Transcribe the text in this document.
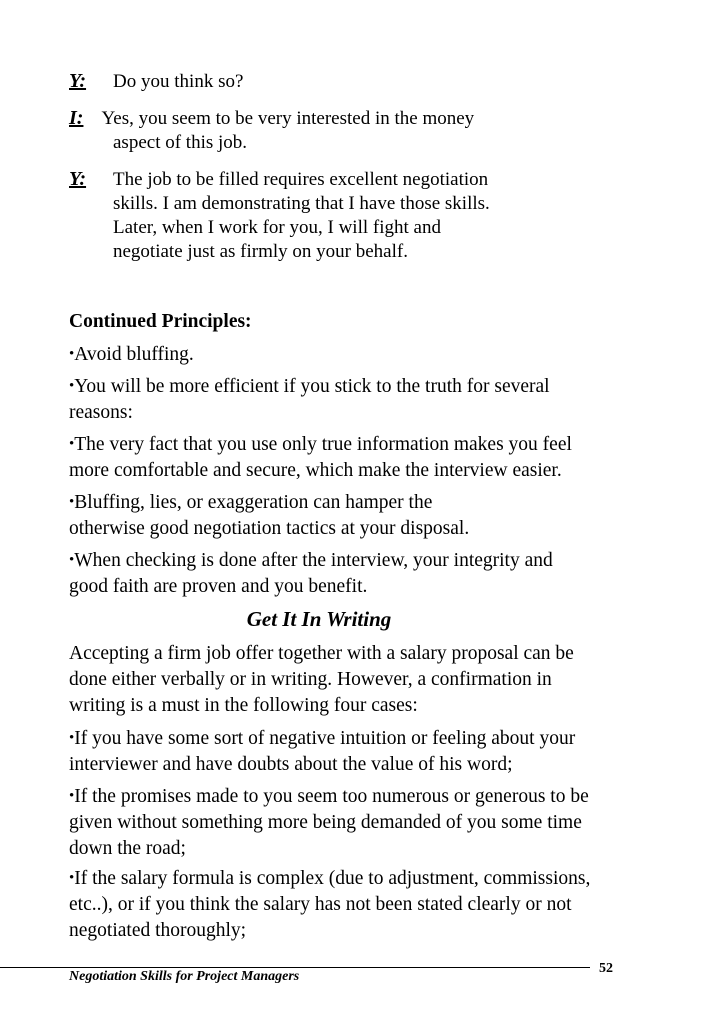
Y: Do you think so?
I: Yes, you seem to be very interested in the money
aspect of this job.
Y: The job to be filled requires excellent negotiation
skills. I am demonstrating that I have those skills.
Later, when I work for you, I will fight and
negotiate just as firmly on your behalf.
Continued Principles:
•Avoid bluffing.
•You will be more efficient if you stick to the truth for several
reasons:
•The very fact that you use only true information makes you feel
more comfortable and secure, which make the interview easier.
•Bluffing, lies, or exaggeration can hamper the
otherwise good negotiation tactics at your disposal.
•When checking is done after the interview, your integrity and
good faith are proven and you benefit.
Get It In Writing
Accepting a firm job offer together with a salary proposal can be
done either verbally or in writing. However, a confirmation in
writing is a must in the following four cases:
•If you have some sort of negative intuition or feeling about your
interviewer and have doubts about the value of his word;
•If the promises made to you seem too numerous or generous to be
given without something more being demanded of you some time
down the road;
•If the salary formula is complex (due to adjustment, commissions,
etc..), or if you think the salary has not been stated clearly or not
negotiated thoroughly;
Negotiation Skills for Project Managers
52
